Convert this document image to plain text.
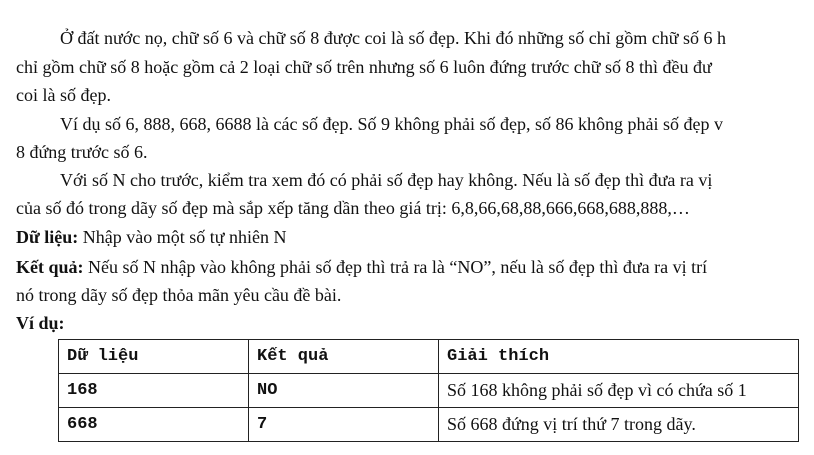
Ở đất nước nọ, chữ số 6 và chữ số 8 được coi là số đẹp. Khi đó những số chỉ gồm chữ số 6 h
chỉ gồm chữ số 8 hoặc gồm cả 2 loại chữ số trên nhưng số 6 luôn đứng trước chữ số 8 thì đều đư
coi là số đẹp.
Ví dụ số 6, 888, 668, 6688 là các số đẹp. Số 9 không phải số đẹp, số 86 không phải số đẹp v
8 đứng trước số 6.
Với số N cho trước, kiểm tra xem đó có phải số đẹp hay không. Nếu là số đẹp thì đưa ra vị
của số đó trong dãy số đẹp mà sắp xếp tăng dần theo giá trị: 6,8,66,68,88,666,668,688,888,…
Dữ liệu: Nhập vào một số tự nhiên N
Kết quả: Nếu số N nhập vào không phải số đẹp thì trả ra là “NO”, nếu là số đẹp thì đưa ra vị trí
nó trong dãy số đẹp thỏa mãn yêu cầu đề bài.
Ví dụ:
Dữ liệu	Kết quả	Giải thích
168	NO	Số 168 không phải số đẹp vì có chứa số 1
668	7	Số 668 đứng vị trí thứ 7 trong dãy.
